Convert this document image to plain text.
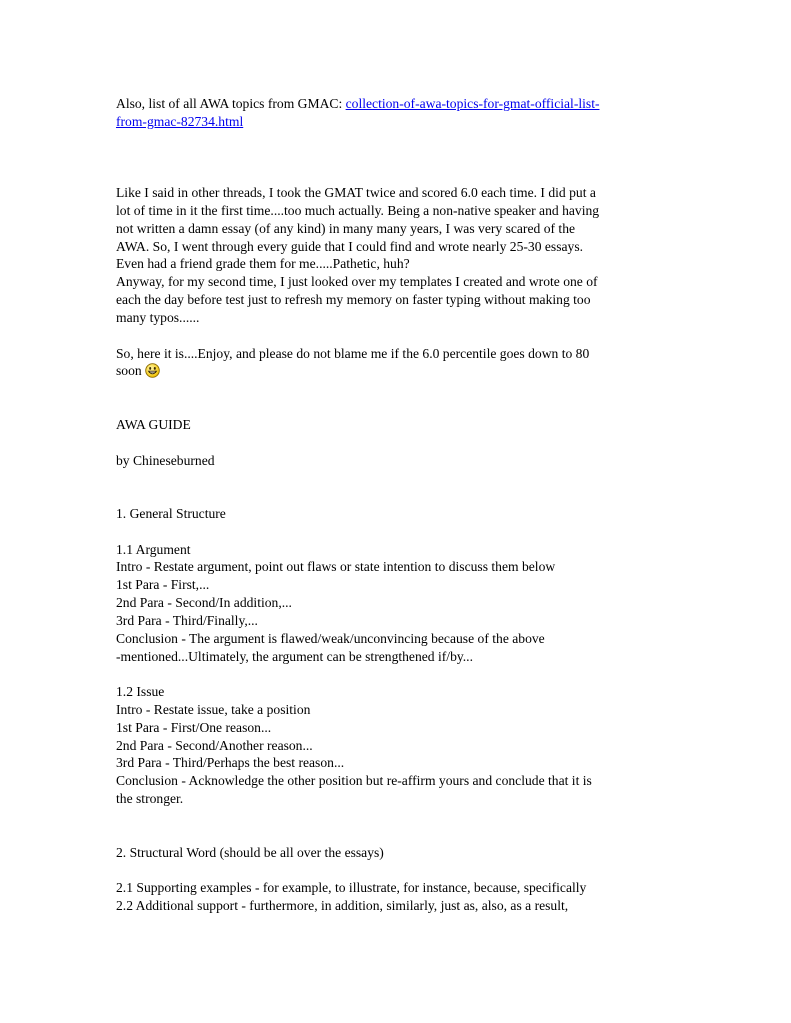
Also, list of all AWA topics from GMAC: collection-of-awa-topics-for-gmat-official-list-
from-gmac-82734.html
Like I said in other threads, I took the GMAT twice and scored 6.0 each time. I did put a
lot of time in it the first time....too much actually. Being a non-native speaker and having
not written a damn essay (of any kind) in many many years, I was very scared of the
AWA. So, I went through every guide that I could find and wrote nearly 25-30 essays.
Even had a friend grade them for me.....Pathetic, huh?
Anyway, for my second time, I just looked over my templates I created and wrote one of
each the day before test just to refresh my memory on faster typing without making too
many typos......
So, here it is....Enjoy, and please do not blame me if the 6.0 percentile goes down to 80
soon
AWA GUIDE
by Chineseburned
1. General Structure
1.1 Argument
Intro - Restate argument, point out flaws or state intention to discuss them below
1st Para - First,...
2nd Para - Second/In addition,...
3rd Para - Third/Finally,...
Conclusion - The argument is flawed/weak/unconvincing because of the above
-mentioned...Ultimately, the argument can be strengthened if/by...
1.2 Issue
Intro - Restate issue, take a position
1st Para - First/One reason...
2nd Para - Second/Another reason...
3rd Para - Third/Perhaps the best reason...
Conclusion - Acknowledge the other position but re-affirm yours and conclude that it is
the stronger.
2. Structural Word (should be all over the essays)
2.1 Supporting examples - for example, to illustrate, for instance, because, specifically
2.2 Additional support - furthermore, in addition, similarly, just as, also, as a result,
